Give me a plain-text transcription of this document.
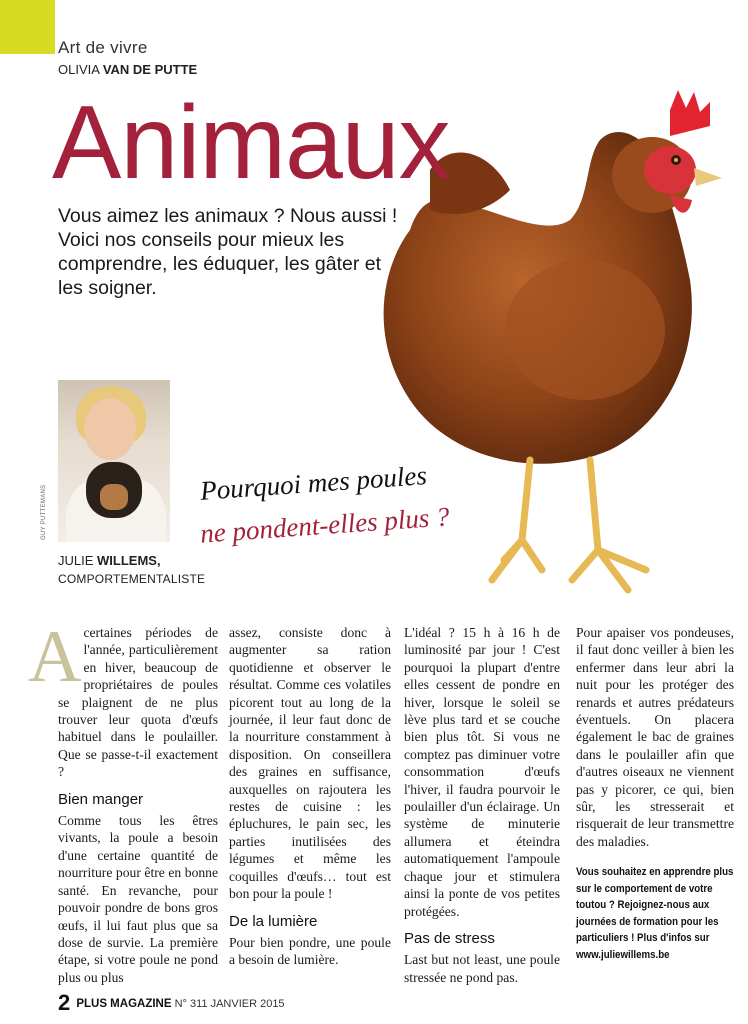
Art de vivre
OLIVIA VAN DE PUTTE
Animaux
Vous aimez les animaux ? Nous aussi ! Voici nos conseils pour mieux les comprendre, les éduquer, les gâter et les soigner.
GUY PUTTEMANS
JULIE WILLEMS,
COMPORTEMENTALISTE
Pourquoi mes poules
ne pondent-elles plus ?

Acertaines périodes de l'année, particulièrement en hiver, beaucoup de propriétaires de poules se plaignent de ne plus trouver leur quota d'œufs habituel dans le poulailler. Que se passe-t-il exactement ?

Bien manger

Comme tous les êtres vivants, la poule a besoin d'une certaine quantité de nourriture pour être en bonne santé. En revanche, pour pouvoir pondre de bons gros œufs, il lui faut plus que sa dose de survie. La première étape, si votre poule ne pond plus ou plus

assez, consiste donc à augmenter sa ration quotidienne et observer le résultat. Comme ces volatiles picorent tout au long de la journée, il leur faut donc de la nourriture constamment à disposition. On conseillera des graines en suffisance, auxquelles on rajoutera les restes de cuisine : les épluchures, le pain sec, les parties inutilisées des légumes et même les coquilles d'œufs… tout est bon pour la poule !

De la lumière

Pour bien pondre, une poule a besoin de lumière.

L'idéal ? 15 h à 16 h de luminosité par jour ! C'est pourquoi la plupart d'entre elles cessent de pondre en hiver, lorsque le soleil se lève plus tard et se couche bien plus tôt. Si vous ne comptez pas diminuer votre consommation d'œufs l'hiver, il faudra pourvoir le poulailler d'un éclairage. Un système de minuterie allumera et éteindra automatiquement l'ampoule chaque jour et stimulera ainsi la ponte de vos petites protégées.

Pas de stress

Last but not least, une poule stressée ne pond pas.

Pour apaiser vos pondeuses, il faut donc veiller à bien les enfermer dans leur abri la nuit pour les protéger des renards et autres prédateurs éventuels. On placera également le bac de graines dans le poulailler afin que d'autres oiseaux ne viennent pas y picorer, ce qui, bien sûr, les stresserait et risquerait de leur transmettre des maladies.

Vous souhaitez en apprendre plus sur le comportement de votre toutou ? Rejoignez-nous aux journées de formation pour les particuliers ! Plus d'infos sur www.juliewillems.be
2 PLUS MAGAZINE N° 311 JANVIER 2015
